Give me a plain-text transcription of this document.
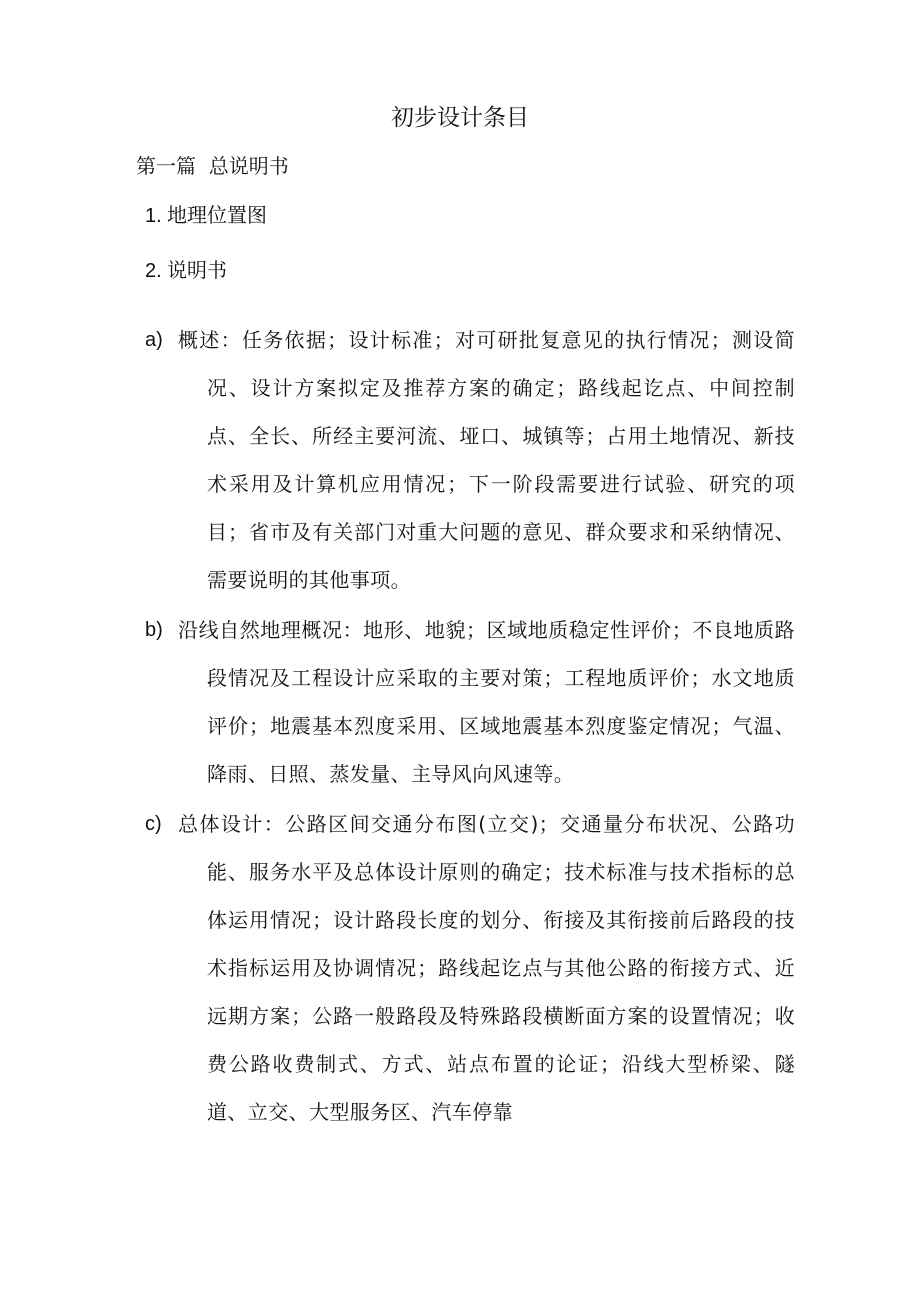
初步设计条目
第一篇  总说明书
1. 地理位置图
2. 说明书
a) 概述：任务依据；设计标准；对可研批复意见的执行情况；测设简况、设计方案拟定及推荐方案的确定；路线起讫点、中间控制点、全长、所经主要河流、垭口、城镇等；占用土地情况、新技术采用及计算机应用情况；下一阶段需要进行试验、研究的项目；省市及有关部门对重大问题的意见、群众要求和采纳情况、需要说明的其他事项。

b) 沿线自然地理概况：地形、地貌；区域地质稳定性评价；不良地质路段情况及工程设计应采取的主要对策；工程地质评价；水文地质评价；地震基本烈度采用、区域地震基本烈度鉴定情况；气温、降雨、日照、蒸发量、主导风向风速等。

c) 总体设计：公路区间交通分布图(立交)；交通量分布状况、公路功能、服务水平及总体设计原则的确定；技术标准与技术指标的总体运用情况；设计路段长度的划分、衔接及其衔接前后路段的技术指标运用及协调情况；路线起讫点与其他公路的衔接方式、近远期方案；公路一般路段及特殊路段横断面方案的设置情况；收费公路收费制式、方式、站点布置的论证；沿线大型桥梁、隧道、立交、大型服务区、汽车停靠
